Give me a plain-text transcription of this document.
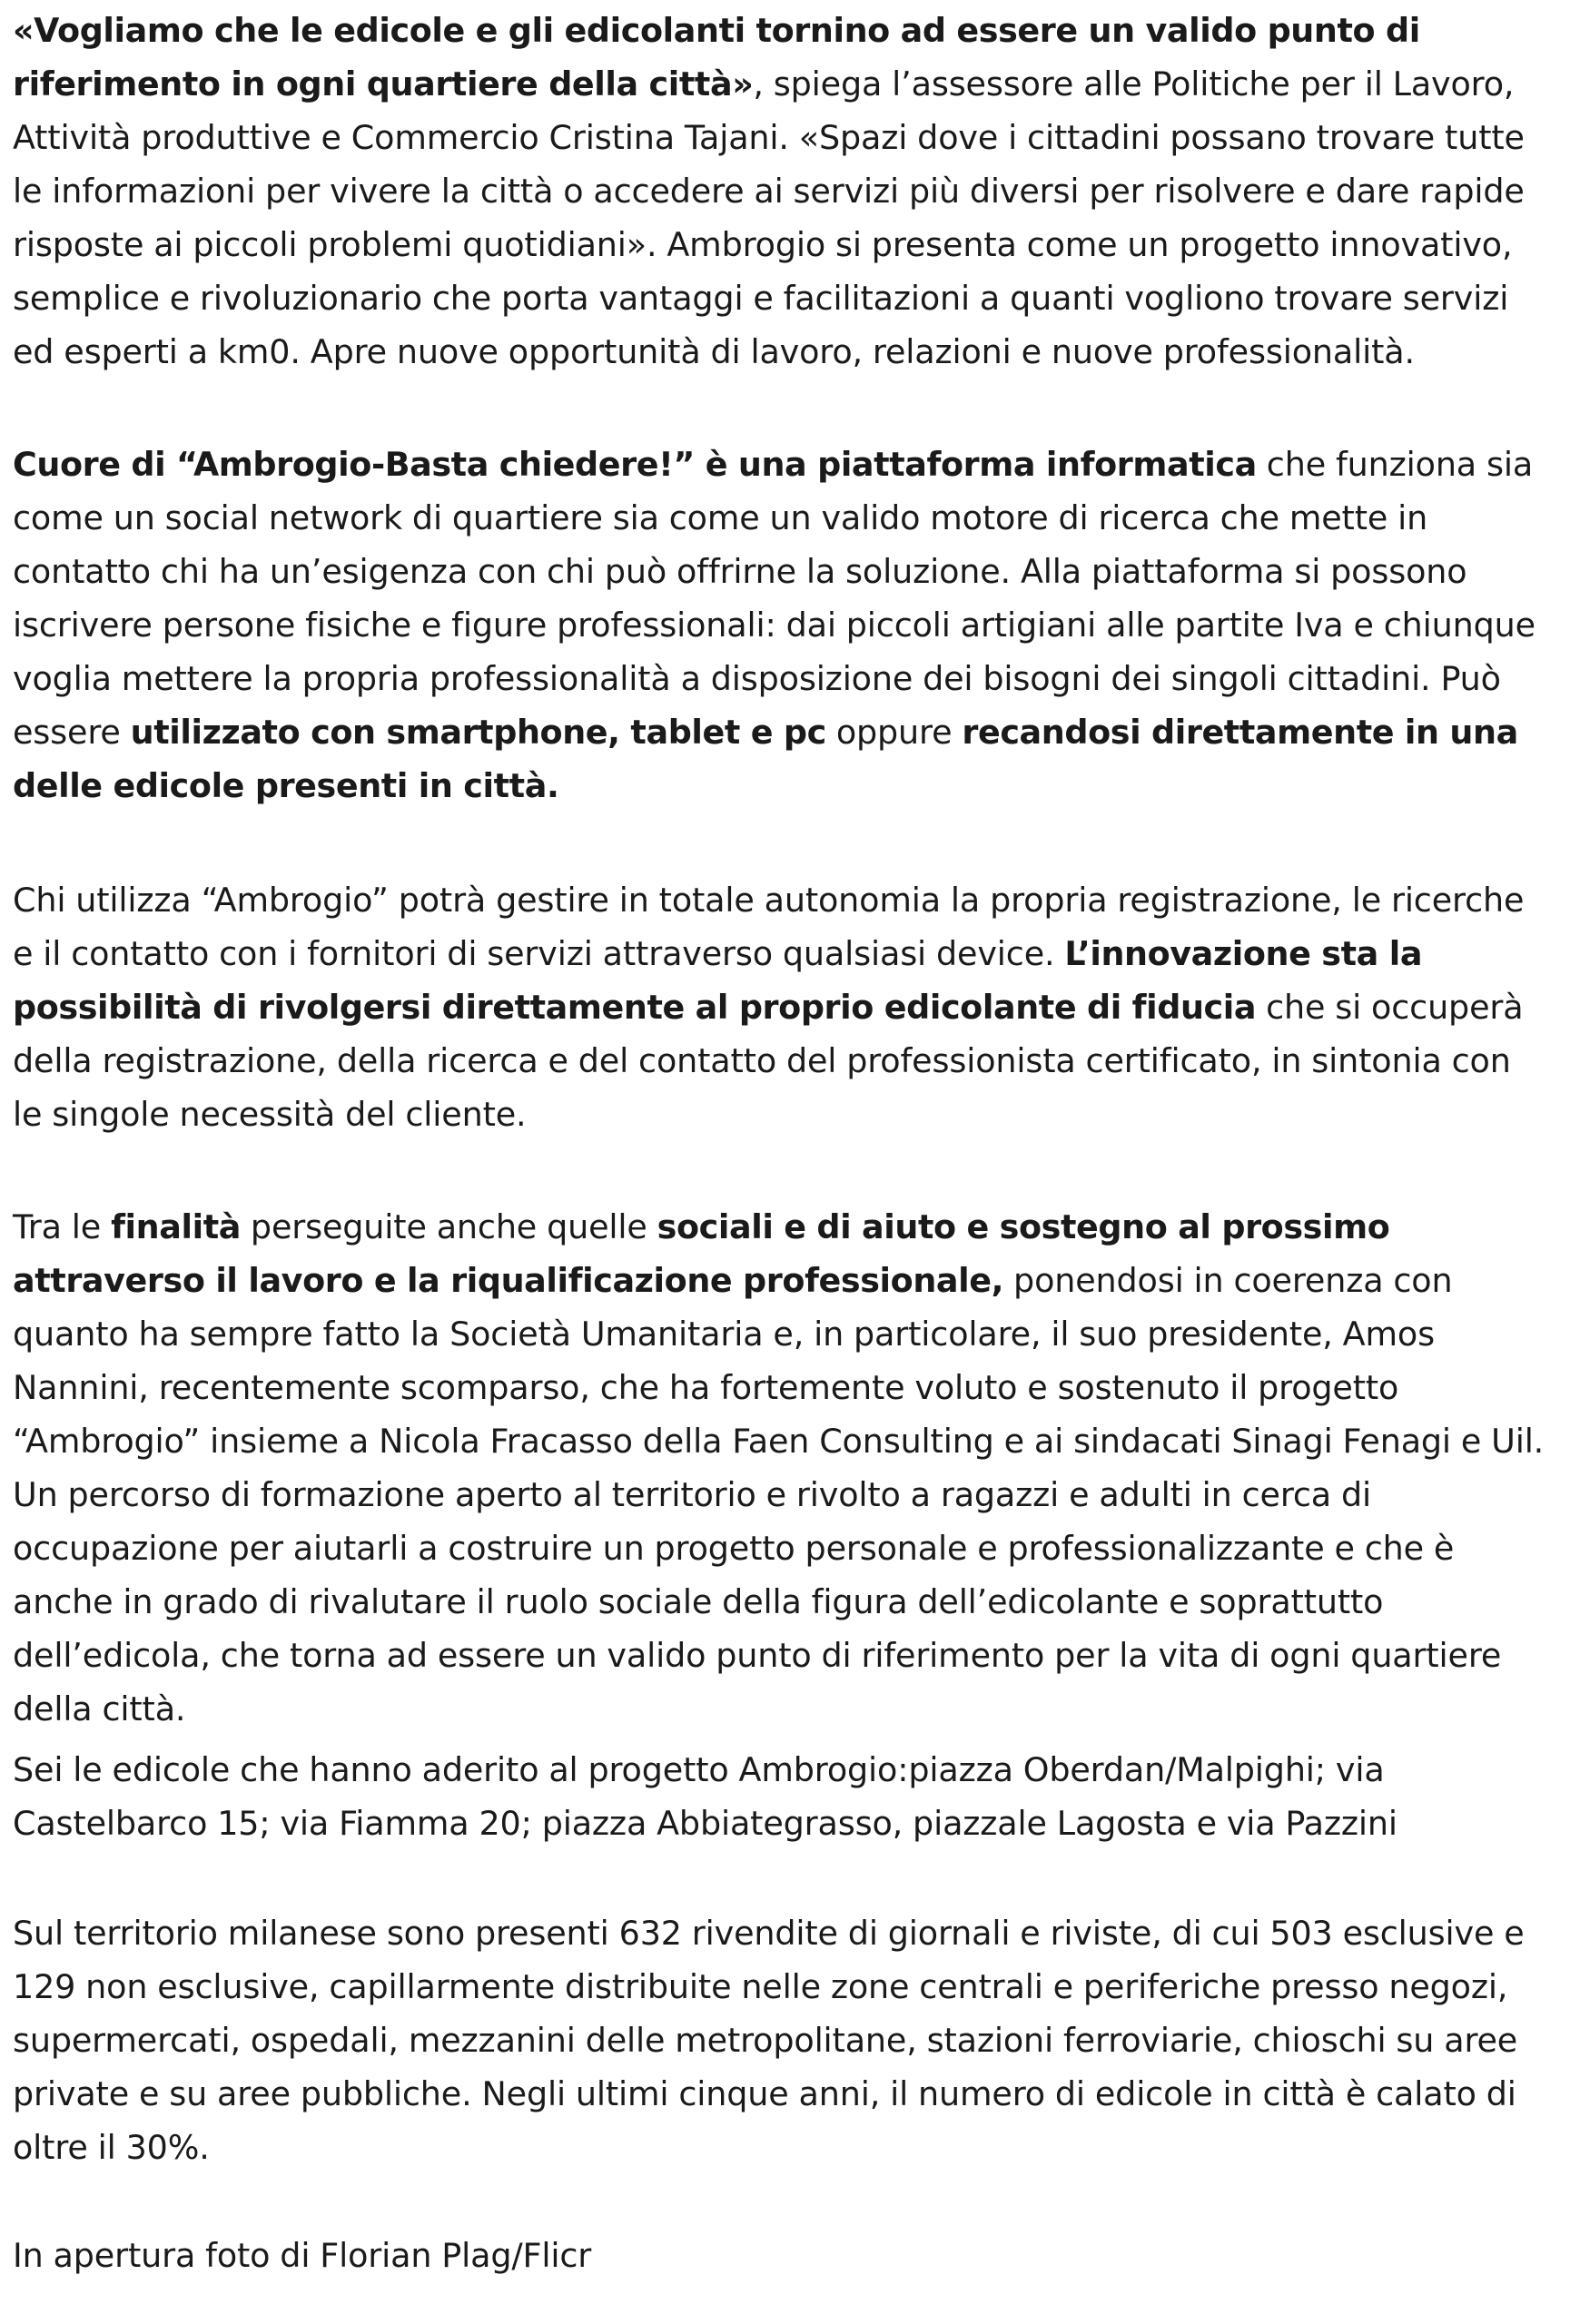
«Vogliamo che le edicole e gli edicolanti tornino ad essere un valido punto di riferimento in ogni quartiere della città», spiega l’assessore alle Politiche per il Lavoro, Attività produttive e Commercio Cristina Tajani. «Spazi dove i cittadini possano trovare tutte le informazioni per vivere la città o accedere ai servizi più diversi per risolvere e dare rapide risposte ai piccoli problemi quotidiani». Ambrogio si presenta come un progetto innovativo, semplice e rivoluzionario che porta vantaggi e facilitazioni a quanti vogliono trovare servizi ed esperti a km0. Apre nuove opportunità di lavoro, relazioni e nuove professionalità.

Cuore di “Ambrogio-Basta chiedere!” è una piattaforma informatica che funziona sia come un social network di quartiere sia come un valido motore di ricerca che mette in contatto chi ha un’esigenza con chi può offrirne la soluzione. Alla piattaforma si possono iscrivere persone fisiche e figure professionali: dai piccoli artigiani alle partite Iva e chiunque voglia mettere la propria professionalità a disposizione dei bisogni dei singoli cittadini. Può essere utilizzato con smartphone, tablet e pc oppure recandosi direttamente in una delle edicole presenti in città.

Chi utilizza “Ambrogio” potrà gestire in totale autonomia la propria registrazione, le ricerche e il contatto con i fornitori di servizi attraverso qualsiasi device. L’innovazione sta la possibilità di rivolgersi direttamente al proprio edicolante di fiducia che si occuperà della registrazione, della ricerca e del contatto del professionista certificato, in sintonia con le singole necessità del cliente.

Tra le finalità perseguite anche quelle sociali e di aiuto e sostegno al prossimo attraverso il lavoro e la riqualificazione professionale, ponendosi in coerenza con quanto ha sempre fatto la Società Umanitaria e, in particolare, il suo presidente, Amos Nannini, recentemente scomparso, che ha fortemente voluto e sostenuto il progetto “Ambrogio” insieme a Nicola Fracasso della Faen Consulting e ai sindacati Sinagi Fenagi e Uil. Un percorso di formazione aperto al territorio e rivolto a ragazzi e adulti in cerca di occupazione per aiutarli a costruire un progetto personale e professionalizzante e che è anche in grado di rivalutare il ruolo sociale della figura dell’edicolante e soprattutto dell’edicola, che torna ad essere un valido punto di riferimento per la vita di ogni quartiere della città.

Sei le edicole che hanno aderito al progetto Ambrogio:piazza Oberdan/Malpighi; via Castelbarco 15; via Fiamma 20; piazza Abbiategrasso, piazzale Lagosta e via Pazzini

Sul territorio milanese sono presenti 632 rivendite di giornali e riviste, di cui 503 esclusive e 129 non esclusive, capillarmente distribuite nelle zone centrali e periferiche presso negozi, supermercati, ospedali, mezzanini delle metropolitane, stazioni ferroviarie, chioschi su aree private e su aree pubbliche. Negli ultimi cinque anni, il numero di edicole in città è calato di oltre il 30%.

In apertura foto di Florian Plag/Flicr
